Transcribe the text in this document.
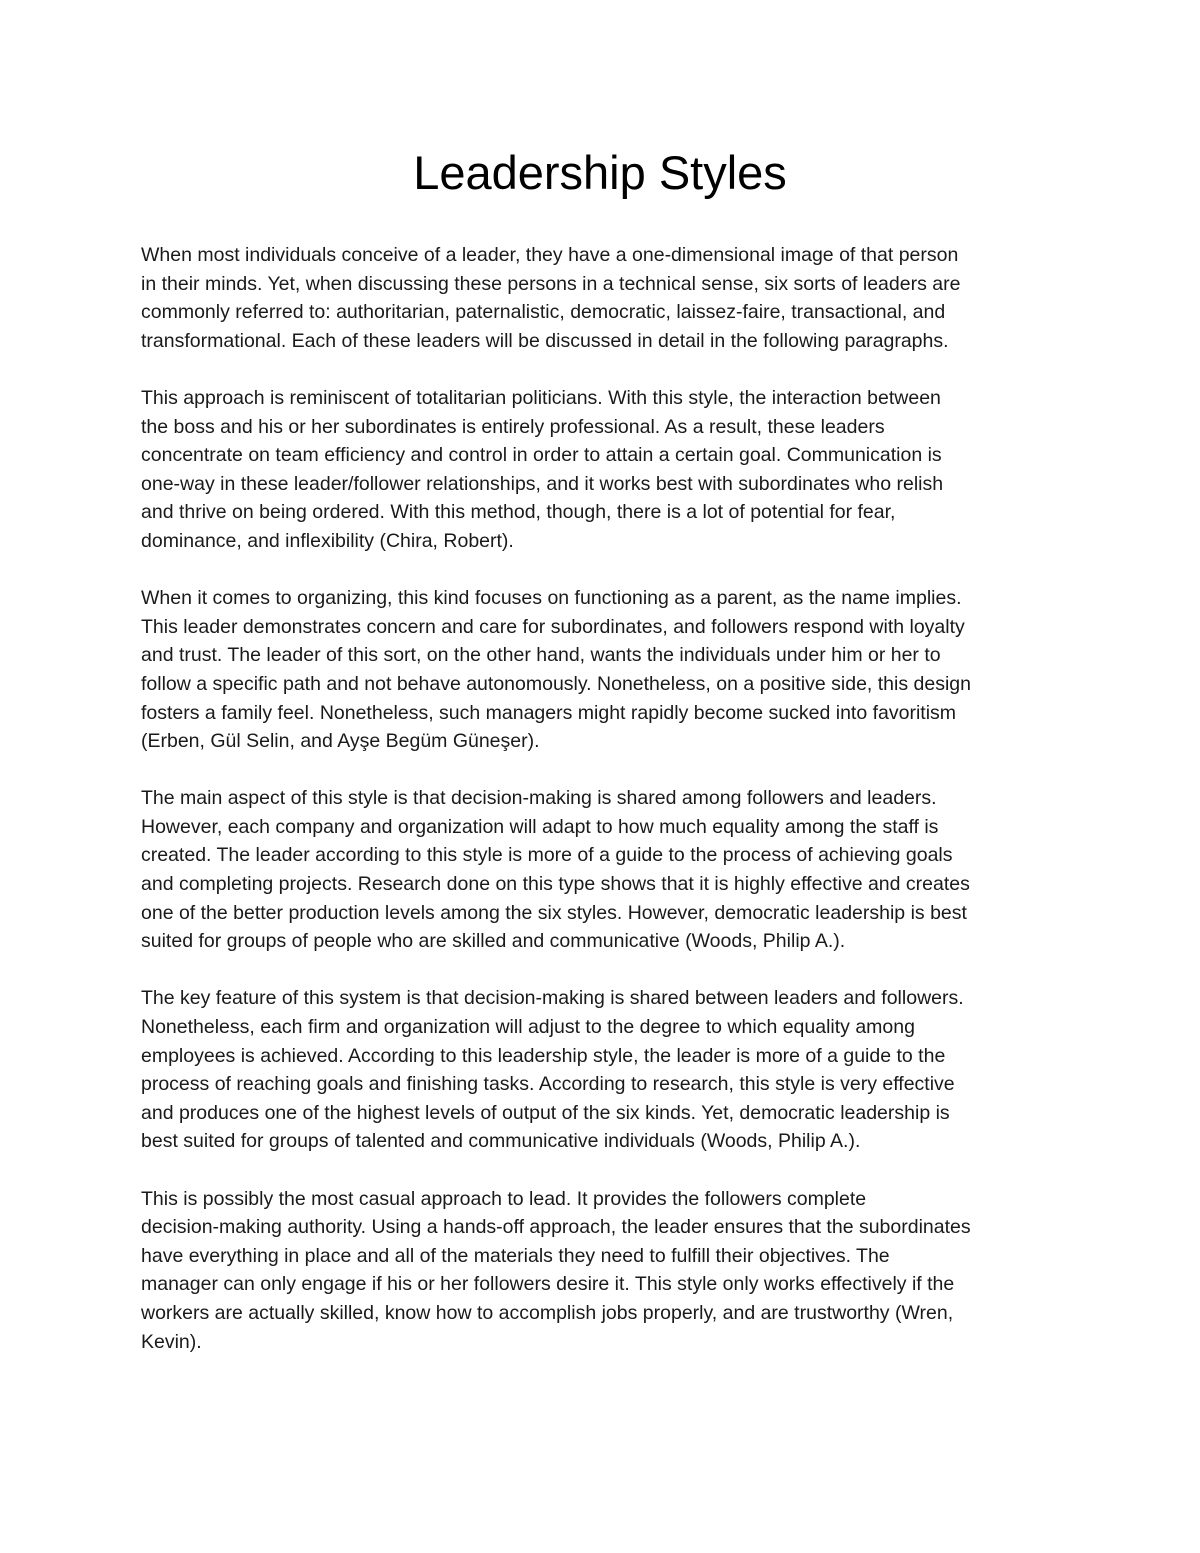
Leadership Styles

When most individuals conceive of a leader, they have a one-dimensional image of that person
in their minds. Yet, when discussing these persons in a technical sense, six sorts of leaders are
commonly referred to: authoritarian, paternalistic, democratic, laissez-faire, transactional, and
transformational. Each of these leaders will be discussed in detail in the following paragraphs.

This approach is reminiscent of totalitarian politicians. With this style, the interaction between
the boss and his or her subordinates is entirely professional. As a result, these leaders
concentrate on team efficiency and control in order to attain a certain goal. Communication is
one-way in these leader/follower relationships, and it works best with subordinates who relish
and thrive on being ordered. With this method, though, there is a lot of potential for fear,
dominance, and inflexibility (Chira, Robert).

When it comes to organizing, this kind focuses on functioning as a parent, as the name implies.
This leader demonstrates concern and care for subordinates, and followers respond with loyalty
and trust. The leader of this sort, on the other hand, wants the individuals under him or her to
follow a specific path and not behave autonomously. Nonetheless, on a positive side, this design
fosters a family feel. Nonetheless, such managers might rapidly become sucked into favoritism
(Erben, Gül Selin, and Ayşe Begüm Güneşer).

The main aspect of this style is that decision-making is shared among followers and leaders.
However, each company and organization will adapt to how much equality among the staff is
created. The leader according to this style is more of a guide to the process of achieving goals
and completing projects. Research done on this type shows that it is highly effective and creates
one of the better production levels among the six styles. However, democratic leadership is best
suited for groups of people who are skilled and communicative (Woods, Philip A.).

The key feature of this system is that decision-making is shared between leaders and followers.
Nonetheless, each firm and organization will adjust to the degree to which equality among
employees is achieved. According to this leadership style, the leader is more of a guide to the
process of reaching goals and finishing tasks. According to research, this style is very effective
and produces one of the highest levels of output of the six kinds. Yet, democratic leadership is
best suited for groups of talented and communicative individuals (Woods, Philip A.).

This is possibly the most casual approach to lead. It provides the followers complete
decision-making authority. Using a hands-off approach, the leader ensures that the subordinates
have everything in place and all of the materials they need to fulfill their objectives. The
manager can only engage if his or her followers desire it. This style only works effectively if the
workers are actually skilled, know how to accomplish jobs properly, and are trustworthy (Wren,
Kevin).
